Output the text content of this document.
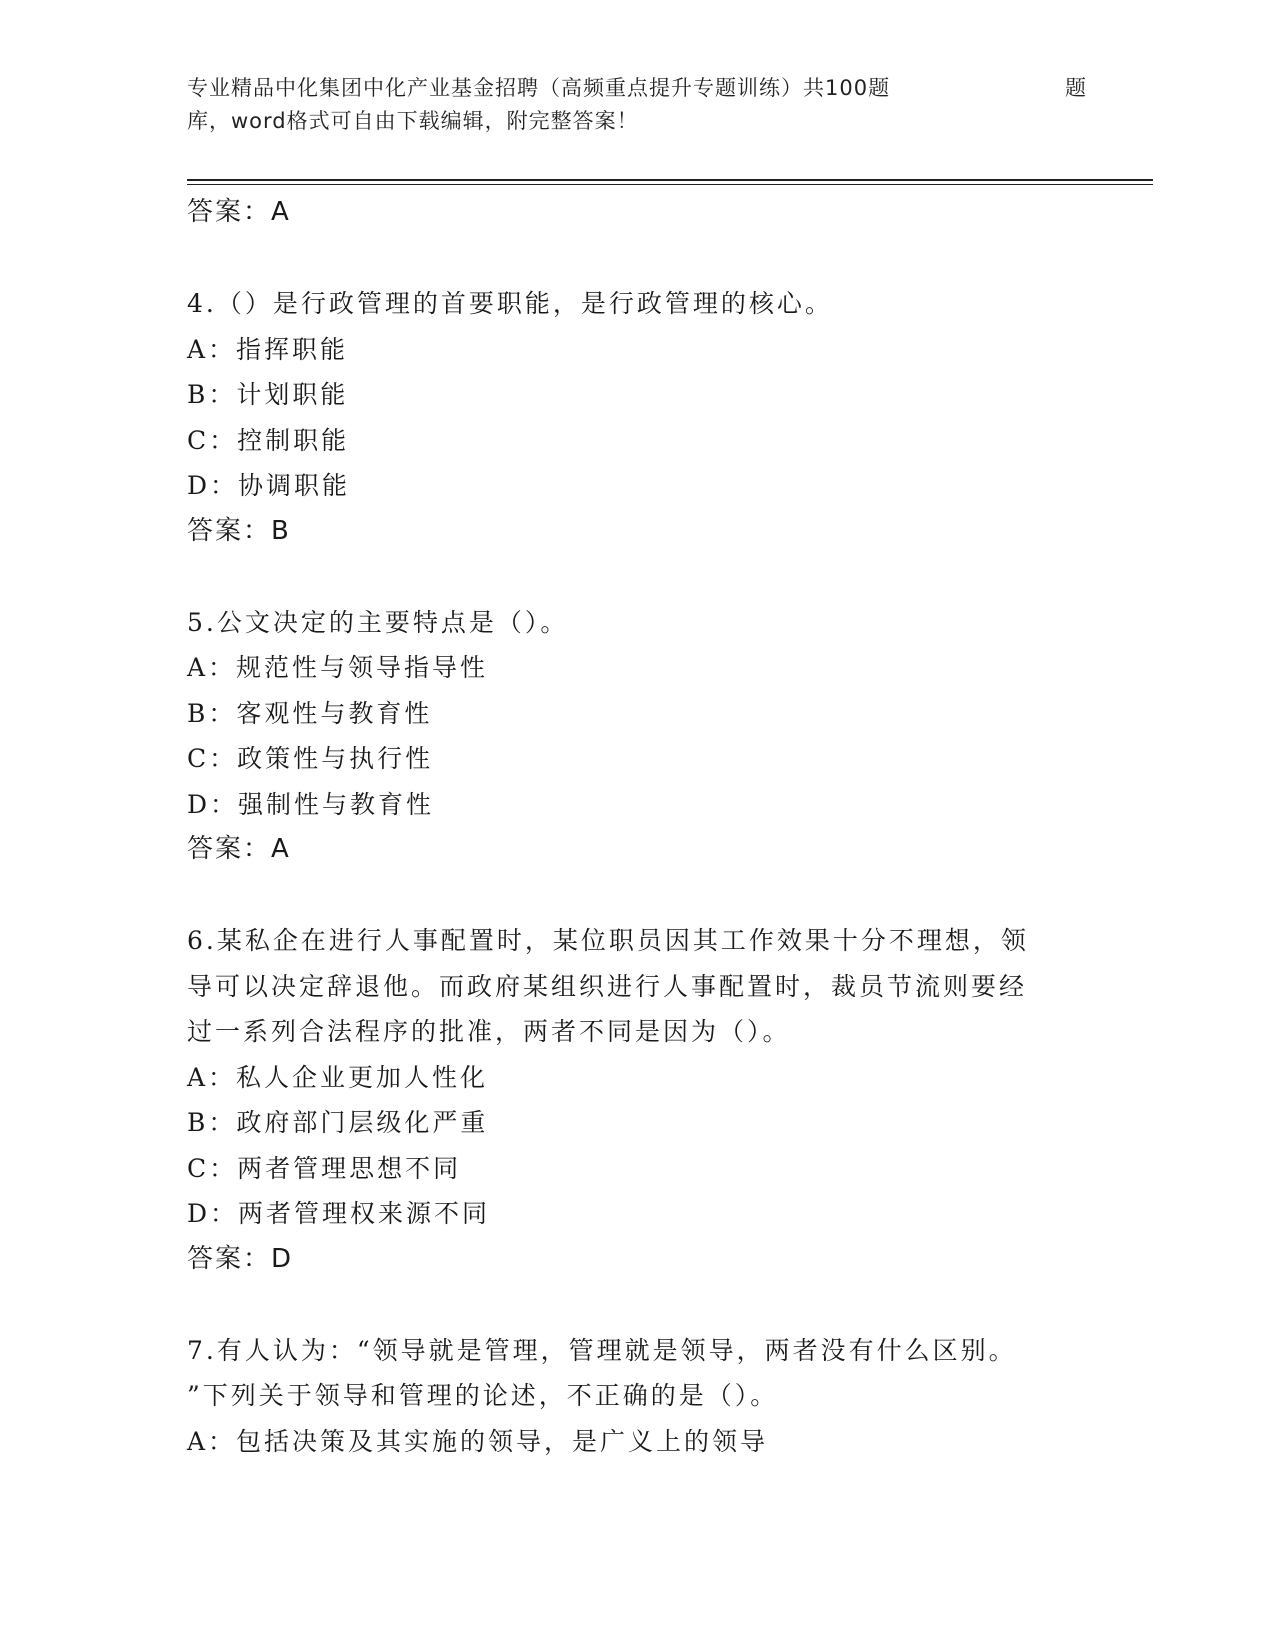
专业精品中化集团中化产业基金招聘（高频重点提升专题训练）共100题	题
库，word格式可自由下载编辑，附完整答案！
答案：A
4.（）是行政管理的首要职能，是行政管理的核心。
A：指挥职能
B：计划职能
C：控制职能
D：协调职能
答案：B
5.公文决定的主要特点是（）。
A：规范性与领导指导性
B：客观性与教育性
C：政策性与执行性
D：强制性与教育性
答案：A
6.某私企在进行人事配置时，某位职员因其工作效果十分不理想，领
导可以决定辞退他。而政府某组织进行人事配置时，裁员节流则要经
过一系列合法程序的批准，两者不同是因为（）。
A：私人企业更加人性化
B：政府部门层级化严重
C：两者管理思想不同
D：两者管理权来源不同
答案：D
7.有人认为：“领导就是管理，管理就是领导，两者没有什么区别。
”下列关于领导和管理的论述，不正确的是（）。
A：包括决策及其实施的领导，是广义上的领导
